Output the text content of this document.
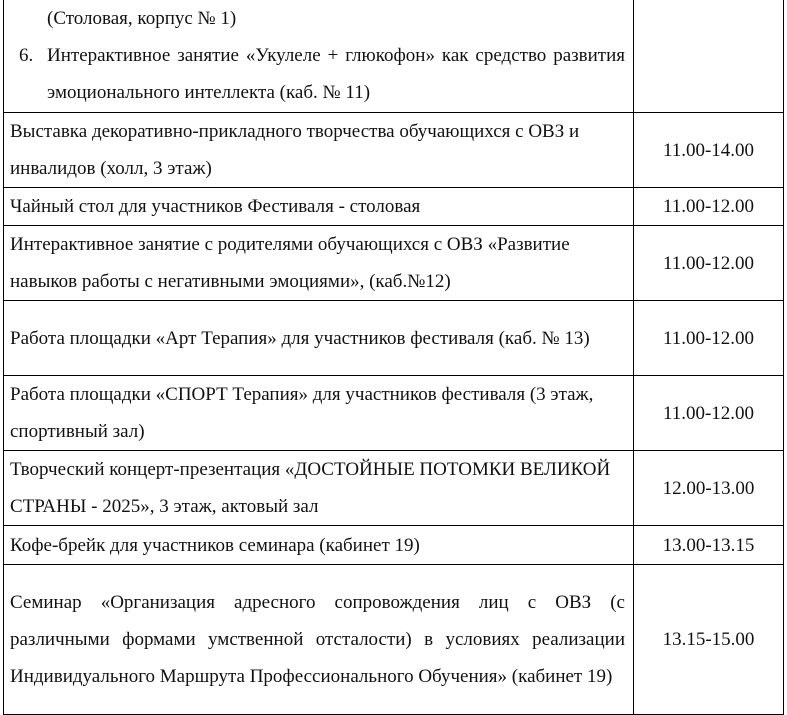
(Столовая, корпус № 1)
6. Интерактивное занятие «Укулеле + глюкофон» как средство развития эмоционального интеллекта (каб. № 11)	

Выставка декоративно-прикладного творчества обучающихся с ОВЗ и инвалидов (холл, 3 этаж)	11.00-14.00
Чайный стол для участников Фестиваля - столовая	11.00-12.00
Интерактивное занятие с родителями обучающихся с ОВЗ «Развитие навыков работы с негативными эмоциями», (каб.№12)	11.00-12.00
Работа площадки «Арт Терапия» для участников фестиваля (каб. № 13)	11.00-12.00
Работа площадки «СПОРТ Терапия» для участников фестиваля (3 этаж, спортивный зал)	11.00-12.00
Творческий концерт-презентация «ДОСТОЙНЫЕ ПОТОМКИ ВЕЛИКОЙ СТРАНЫ - 2025», 3 этаж, актовый зал	12.00-13.00
Кофе-брейк для участников семинара (кабинет 19)	13.00-13.15
Семинар «Организация адресного сопровождения лиц с ОВЗ (с различными формами умственной отсталости) в условиях реализации Индивидуального Маршрута Профессионального Обучения» (кабинет 19)	13.15-15.00
